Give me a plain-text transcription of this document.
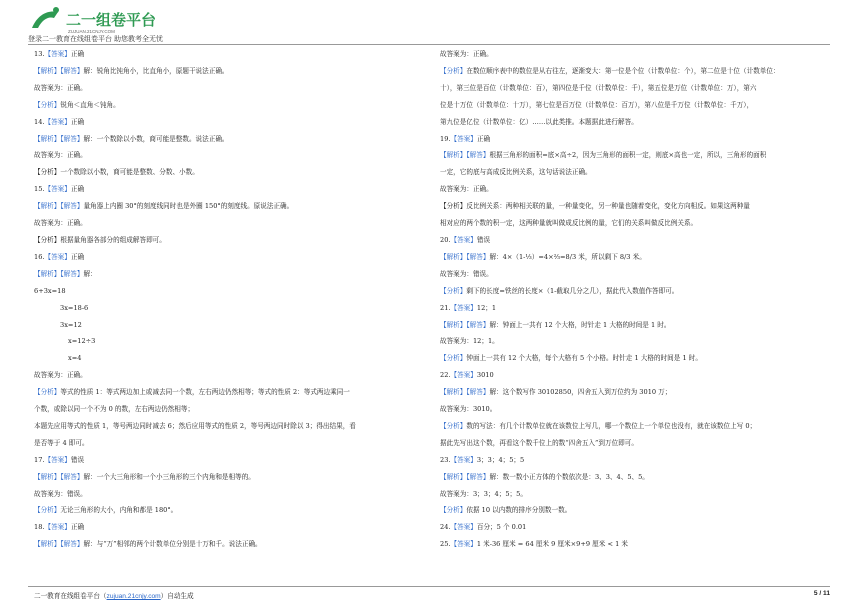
二一组卷平台
ZUJUAN.21CNJY.COM
登录二一教育在线组卷平台 助您教考全无忧
13.【答案】正确
【解析】【解答】解：锐角比钝角小，比直角小，原题干说法正确。
故答案为：正确。
【分析】锐角＜直角＜钝角。
14.【答案】正确
【解析】【解答】解：一个数除以小数，商可能是整数。说法正确。
故答案为：正确。
【分析】一个数除以小数，商可能是整数、分数、小数。
15.【答案】正确
【解析】【解答】量角器上内圈 30°的刻度线同时也是外圈 150°的刻度线。原说法正确。
故答案为：正确。
【分析】根据量角器各部分的组成解答即可。
16.【答案】正确
【解析】【解答】解：
6+3x=18
3x=18-6
3x=12
x=12÷3
x=4
故答案为：正确。
【分析】等式的性质 1：等式两边加上或减去同一个数，左右两边仍然相等；等式的性质 2：等式两边乘同一
个数，或除以同一个不为 0 的数，左右两边仍然相等；
本题先应用等式的性质 1，等号两边同时减去 6；然后应用等式的性质 2，等号两边同时除以 3；得出结果，看
是否等于 4 即可。
17.【答案】错误
【解析】【解答】解：一个大三角形和一个小三角形的三个内角和是相等的。
故答案为：错误。
【分析】无论三角形的大小，内角和都是 180°。
18.【答案】正确
【解析】【解答】解：与“万”相邻的两个计数单位分别是十万和千。说法正确。
故答案为：正确。
【分析】在数位顺序表中的数位是从右往左，逐渐变大：第一位是个位（计数单位：个），第二位是十位（计数单位：
十），第三位是百位（计数单位：百），第四位是千位（计数单位：千），第五位是万位（计数单位：万），第六
位是十万位（计数单位：十万），第七位是百万位（计数单位：百万），第八位是千万位（计数单位：千万），
第九位是亿位（计数单位：亿）……以此类推。本题据此进行解答。
19.【答案】正确
【解析】【解答】根据三角形的面积=底×高÷2，因为三角形的面积一定，则底×高也一定，所以，三角形的面积
一定，它的底与高成反比例关系，这句话说法正确。
故答案为：正确。
【分析】反比例关系：两种相关联的量，一种量变化，另一种量也随着变化，变化方向相反。如果这两种量
相对应的两个数的积一定，这两种量就叫做成反比例的量，它们的关系叫做反比例关系。
20.【答案】错误
【解析】【解答】解：4×（1-⅓）=4×⅔=8/3 米，所以剩下 8/3 米。
故答案为：错误。
【分析】剩下的长度=铁丝的长度×（1-截取几分之几），据此代入数值作答即可。
21.【答案】12；1
【解析】【解答】解：钟面上一共有 12 个大格，时针走 1 大格的时间是 1 时。
故答案为：12；1。
【分析】钟面上一共有 12 个大格，每个大格有 5 个小格。时针走 1 大格的时间是 1 时。
22.【答案】3010
【解析】【解答】解：这个数写作 30102850，四舍五入到万位约为 3010 万；
故答案为：3010。
【分析】数的写法：有几个计数单位就在该数位上写几，哪一个数位上一个单位也没有，就在该数位上写 0；
据此先写出这个数，再看这个数千位上的数“四舍五入”到万位即可。
23.【答案】3；3；4；5；5
【解析】【解答】解：数一数小正方体的个数依次是：3、3、4、5、5。
故答案为：3；3；4；5；5。
【分析】依据 10 以内数的排序分别数一数。
24.【答案】百分；5 个 0.01
25.【答案】1 米-36 厘米 = 64 厘米 9 厘米×9+9 厘米 < 1 米
二一教育在线组卷平台（zujuan.21cnjy.com）自动生成	5 / 11
